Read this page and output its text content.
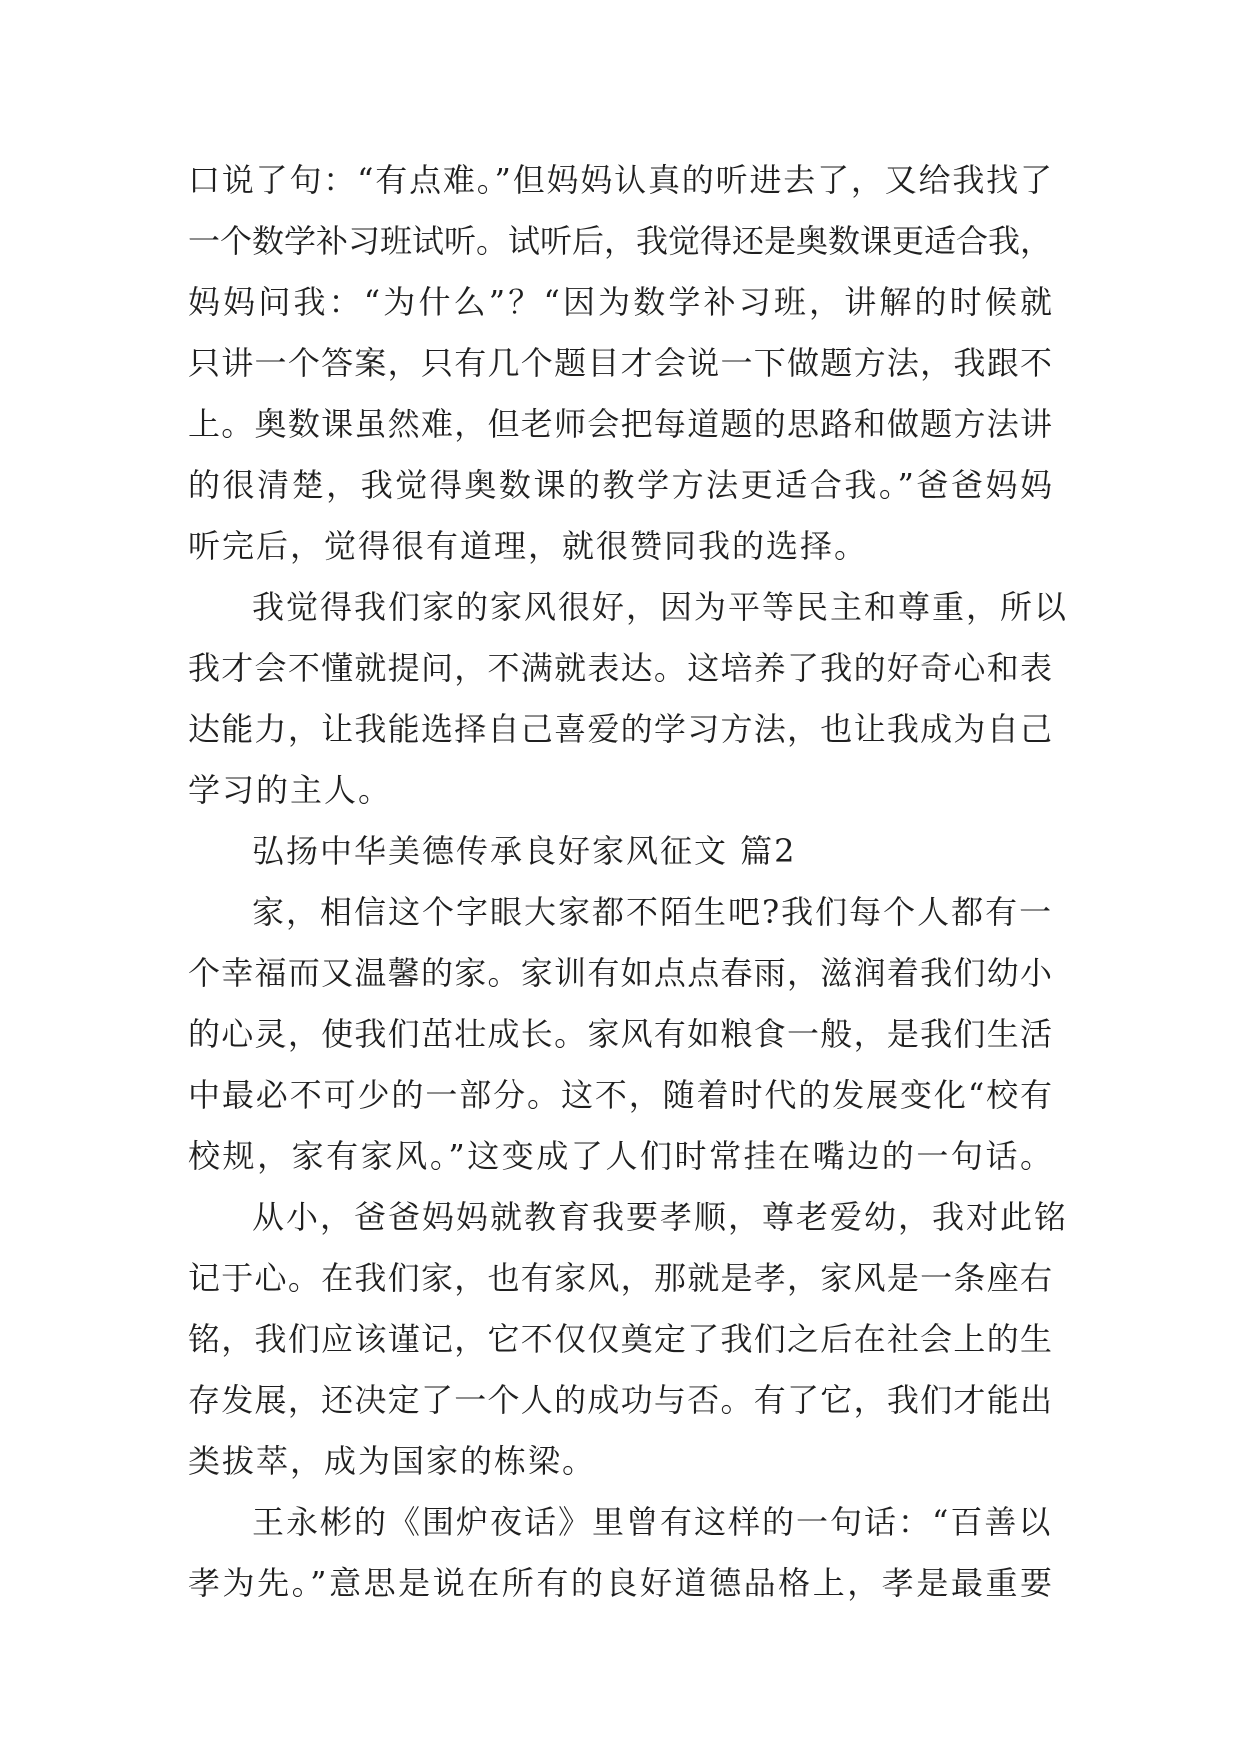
口说了句：“有点难。”但妈妈认真的听进去了，又给我找了
一个数学补习班试听。试听后，我觉得还是奥数课更适合我，
妈妈问我：“为什么”？“因为数学补习班，讲解的时候就
只讲一个答案，只有几个题目才会说一下做题方法，我跟不
上。奥数课虽然难，但老师会把每道题的思路和做题方法讲
的很清楚，我觉得奥数课的教学方法更适合我。”爸爸妈妈
听完后，觉得很有道理，就很赞同我的选择。
我觉得我们家的家风很好，因为平等民主和尊重，所以
我才会不懂就提问，不满就表达。这培养了我的好奇心和表
达能力，让我能选择自己喜爱的学习方法，也让我成为自己
学习的主人。
弘扬中华美德传承良好家风征文 篇2
家，相信这个字眼大家都不陌生吧?我们每个人都有一
个幸福而又温馨的家。家训有如点点春雨，滋润着我们幼小
的心灵，使我们茁壮成长。家风有如粮食一般，是我们生活
中最必不可少的一部分。这不，随着时代的发展变化“校有
校规，家有家风。”这变成了人们时常挂在嘴边的一句话。
从小，爸爸妈妈就教育我要孝顺，尊老爱幼，我对此铭
记于心。在我们家，也有家风，那就是孝，家风是一条座右
铭，我们应该谨记，它不仅仅奠定了我们之后在社会上的生
存发展，还决定了一个人的成功与否。有了它，我们才能出
类拔萃，成为国家的栋梁。
王永彬的《围炉夜话》里曾有这样的一句话：“百善以
孝为先。”意思是说在所有的良好道德品格上，孝是最重要
